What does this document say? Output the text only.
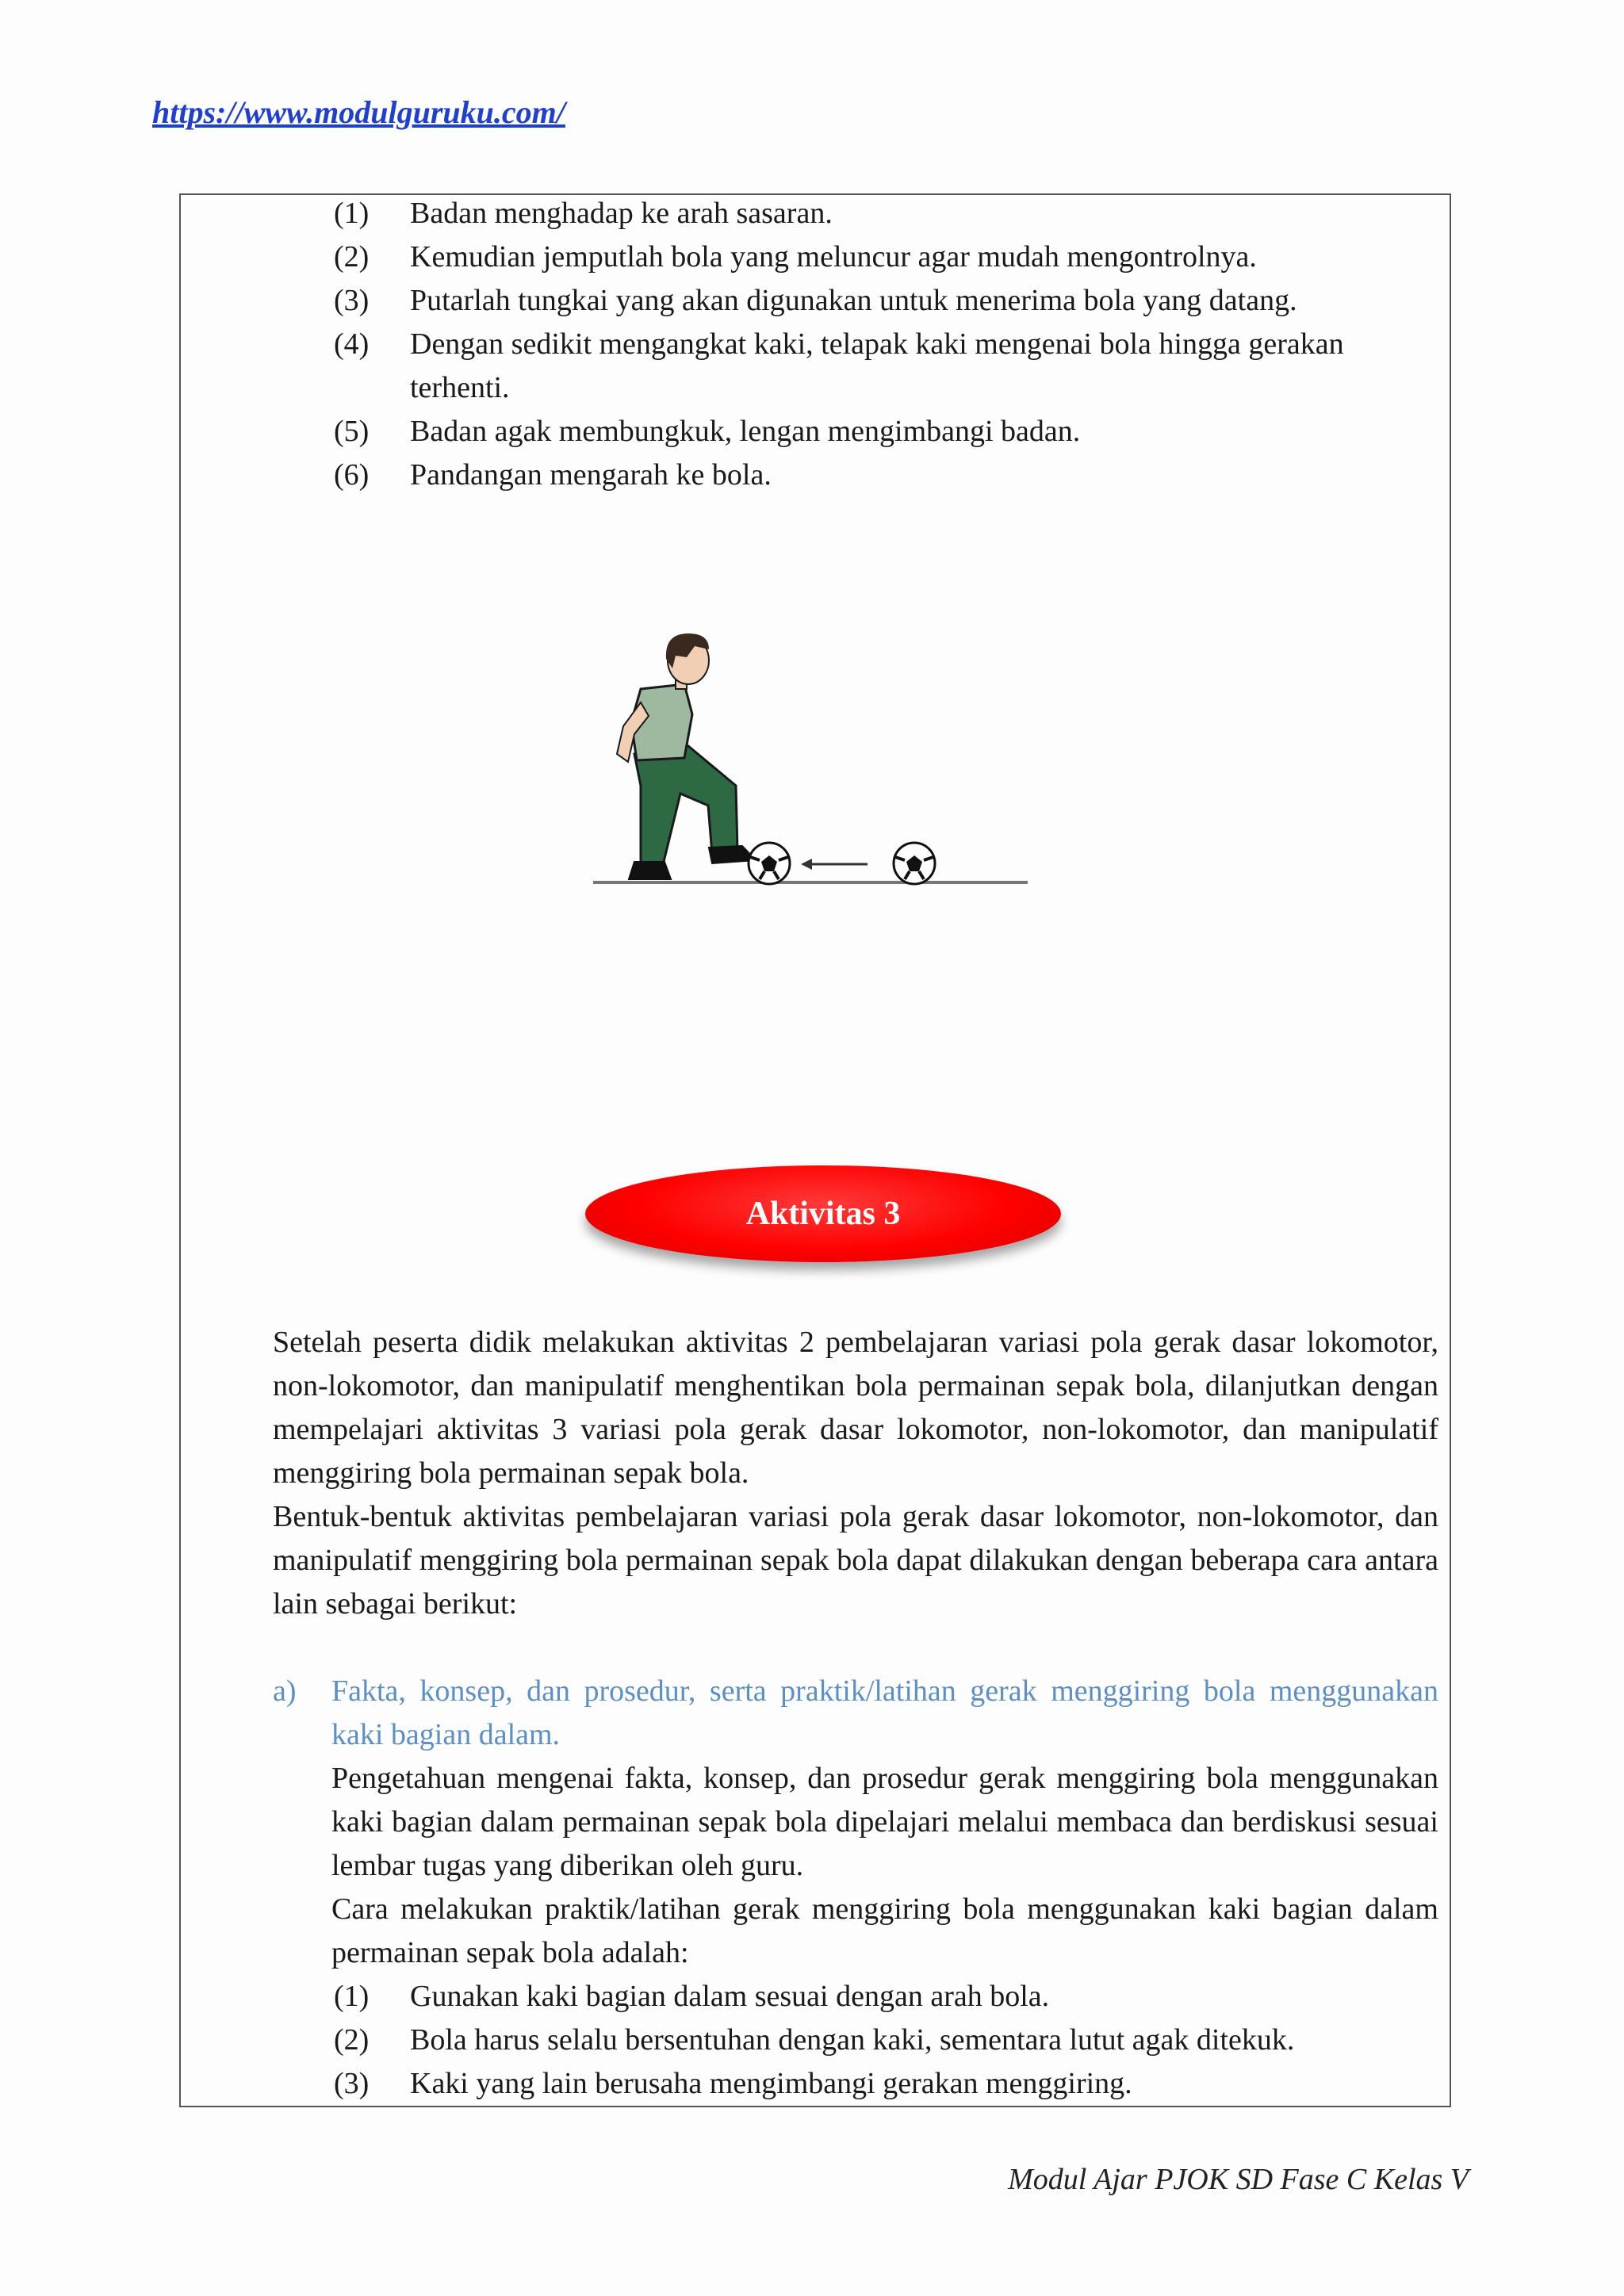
https://www.modulguruku.com/
(1)	Badan menghadap ke arah sasaran.
(2)	Kemudian jemputlah bola yang meluncur agar mudah mengontrolnya.
(3)	Putarlah tungkai yang akan digunakan untuk menerima bola yang datang.
(4)	Dengan sedikit mengangkat kaki, telapak kaki mengenai bola hingga gerakan terhenti.
(5)	Badan agak membungkuk, lengan mengimbangi badan.
(6)	Pandangan mengarah ke bola.
Aktivitas 3

Setelah peserta didik melakukan aktivitas 2 pembelajaran variasi pola gerak dasar lokomotor, non-lokomotor, dan manipulatif menghentikan bola permainan sepak bola, dilanjutkan dengan mempelajari aktivitas 3 variasi pola gerak dasar lokomotor, non-lokomotor, dan manipulatif menggiring bola permainan sepak bola.

Bentuk-bentuk aktivitas pembelajaran variasi pola gerak dasar lokomotor, non-lokomotor, dan manipulatif menggiring bola permainan sepak bola dapat dilakukan dengan beberapa cara antara lain sebagai berikut:

a)	Fakta, konsep, dan prosedur, serta praktik/latihan gerak menggiring bola menggunakan kaki bagian dalam.

Pengetahuan mengenai fakta, konsep, dan prosedur gerak menggiring bola menggunakan kaki bagian dalam permainan sepak bola dipelajari melalui membaca dan berdiskusi sesuai lembar tugas yang diberikan oleh guru.

Cara melakukan praktik/latihan gerak menggiring bola menggunakan kaki bagian dalam permainan sepak bola adalah:

(1)	Gunakan kaki bagian dalam sesuai dengan arah bola.
(2)	Bola harus selalu bersentuhan dengan kaki, sementara lutut agak ditekuk.
(3)	Kaki yang lain berusaha mengimbangi gerakan menggiring.
Modul Ajar PJOK SD Fase C Kelas V
